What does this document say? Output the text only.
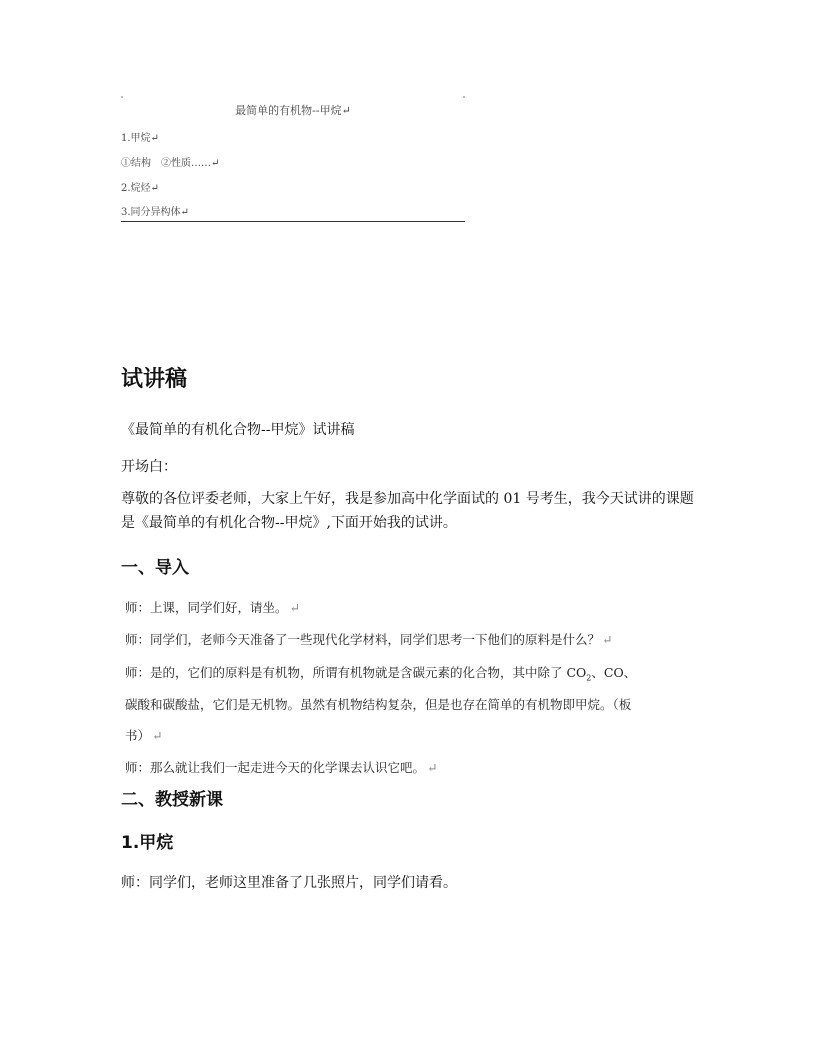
最简单的有机物--甲烷↵
1.甲烷↵
①结构　②性质……↵
2.烷烃↵
3.同分异构体↵
试讲稿

《最简单的有机化合物--甲烷》试讲稿

开场白：

尊敬的各位评委老师，大家上午好，我是参加高中化学面试的 01 号考生，我今天试讲的课题是《最简单的有机化合物--甲烷》,下面开始我的试讲。

一、导入

师：上课，同学们好，请坐。 ↵

师：同学们，老师今天准备了一些现代化学材料，同学们思考一下他们的原料是什么？ ↵

师：是的，它们的原料是有机物，所谓有机物就是含碳元素的化合物，其中除了 $CO_2$、CO、

碳酸和碳酸盐，它们是无机物。虽然有机物结构复杂，但是也存在简单的有机物即甲烷。（板

书） ↵

师：那么就让我们一起走进今天的化学课去认识它吧。 ↵

二、教授新课
1.甲烷

师：同学们，老师这里准备了几张照片，同学们请看。
